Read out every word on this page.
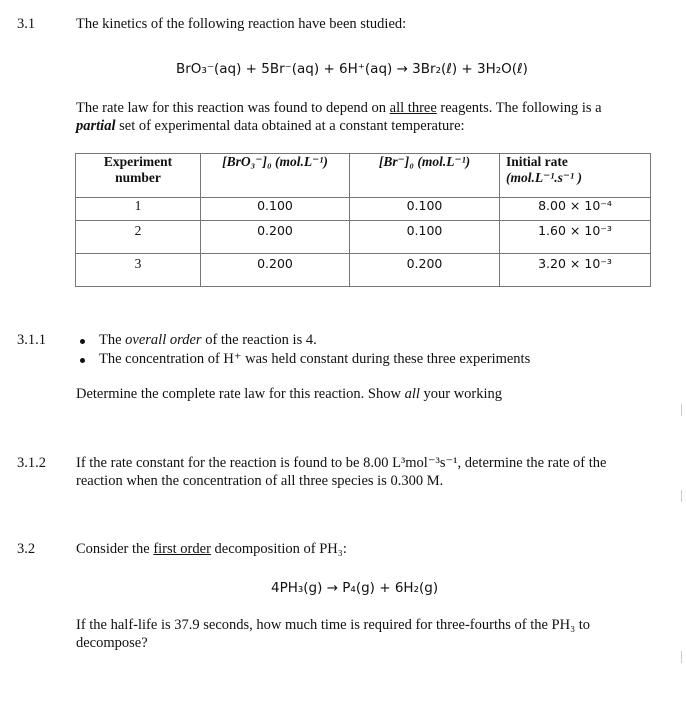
3.1	The kinetics of the following reaction have been studied:
BrO₃⁻(aq) + 5Br⁻(aq) + 6H⁺(aq) → 3Br₂(ℓ) + 3H₂O(ℓ)
The rate law for this reaction was found to depend on all three reagents. The following is a
partial set of experimental data obtained at a constant temperature:
Experiment
number	[BrO₃⁻]₀ (mol.L⁻¹)	[Br⁻]₀ (mol.L⁻¹)	Initial rate
(mol.L⁻¹.s⁻¹ )
1	0.100	0.100	8.00 × 10⁻⁴
2	0.200	0.100	1.60 × 10⁻³
3	0.200	0.200	3.20 × 10⁻³
3.1.1	The overall order of the reaction is 4.
The concentration of H⁺ was held constant during these three experiments
Determine the complete rate law for this reaction. Show all your working
3.1.2 If the rate constant for the reaction is found to be 8.00 L³mol⁻³s⁻¹, determine the rate of the
reaction when the concentration of all three species is 0.300 M.
3.2	Consider the first order decomposition of PH₃:
4PH₃(g) → P₄(g) + 6H₂(g)
If the half-life is 37.9 seconds, how much time is required for three-fourths of the PH₃ to
decompose?
